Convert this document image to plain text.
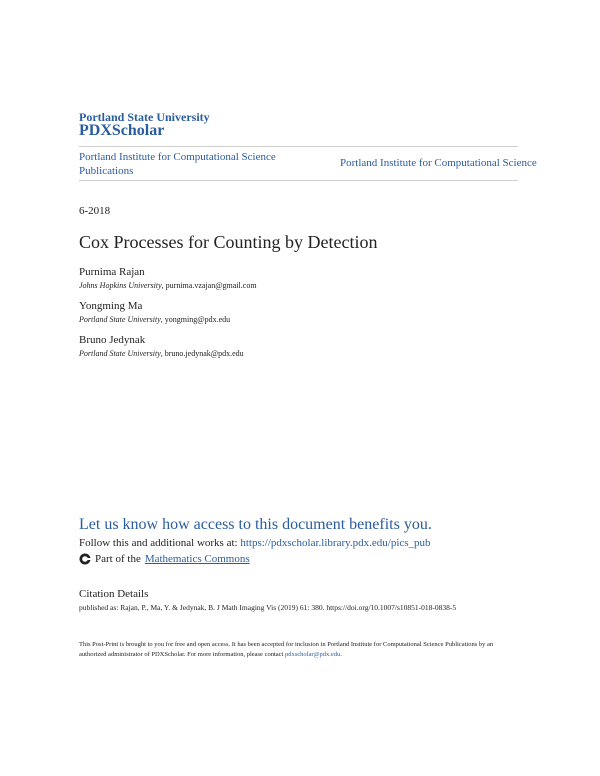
Portland State University
PDXScholar
Portland Institute for Computational Science Publications
Portland Institute for Computational Science
6-2018
Cox Processes for Counting by Detection
Purnima Rajan
Johns Hopkins University, purnima.vzajan@gmail.com
Yongming Ma
Portland State University, yongming@pdx.edu
Bruno Jedynak
Portland State University, bruno.jedynak@pdx.edu
Let us know how access to this document benefits you.
Follow this and additional works at: https://pdxscholar.library.pdx.edu/pics_pub
Part of the Mathematics Commons
Citation Details
published as: Rajan, P., Ma, Y. & Jedynak, B. J Math Imaging Vis (2019) 61: 380. https://doi.org/10.1007/s10851-018-0838-5
This Post-Print is brought to you for free and open access. It has been accepted for inclusion in Portland Institute for Computational Science Publications by an authorized administrator of PDXScholar. For more information, please contact pdxscholar@pdx.edu.
